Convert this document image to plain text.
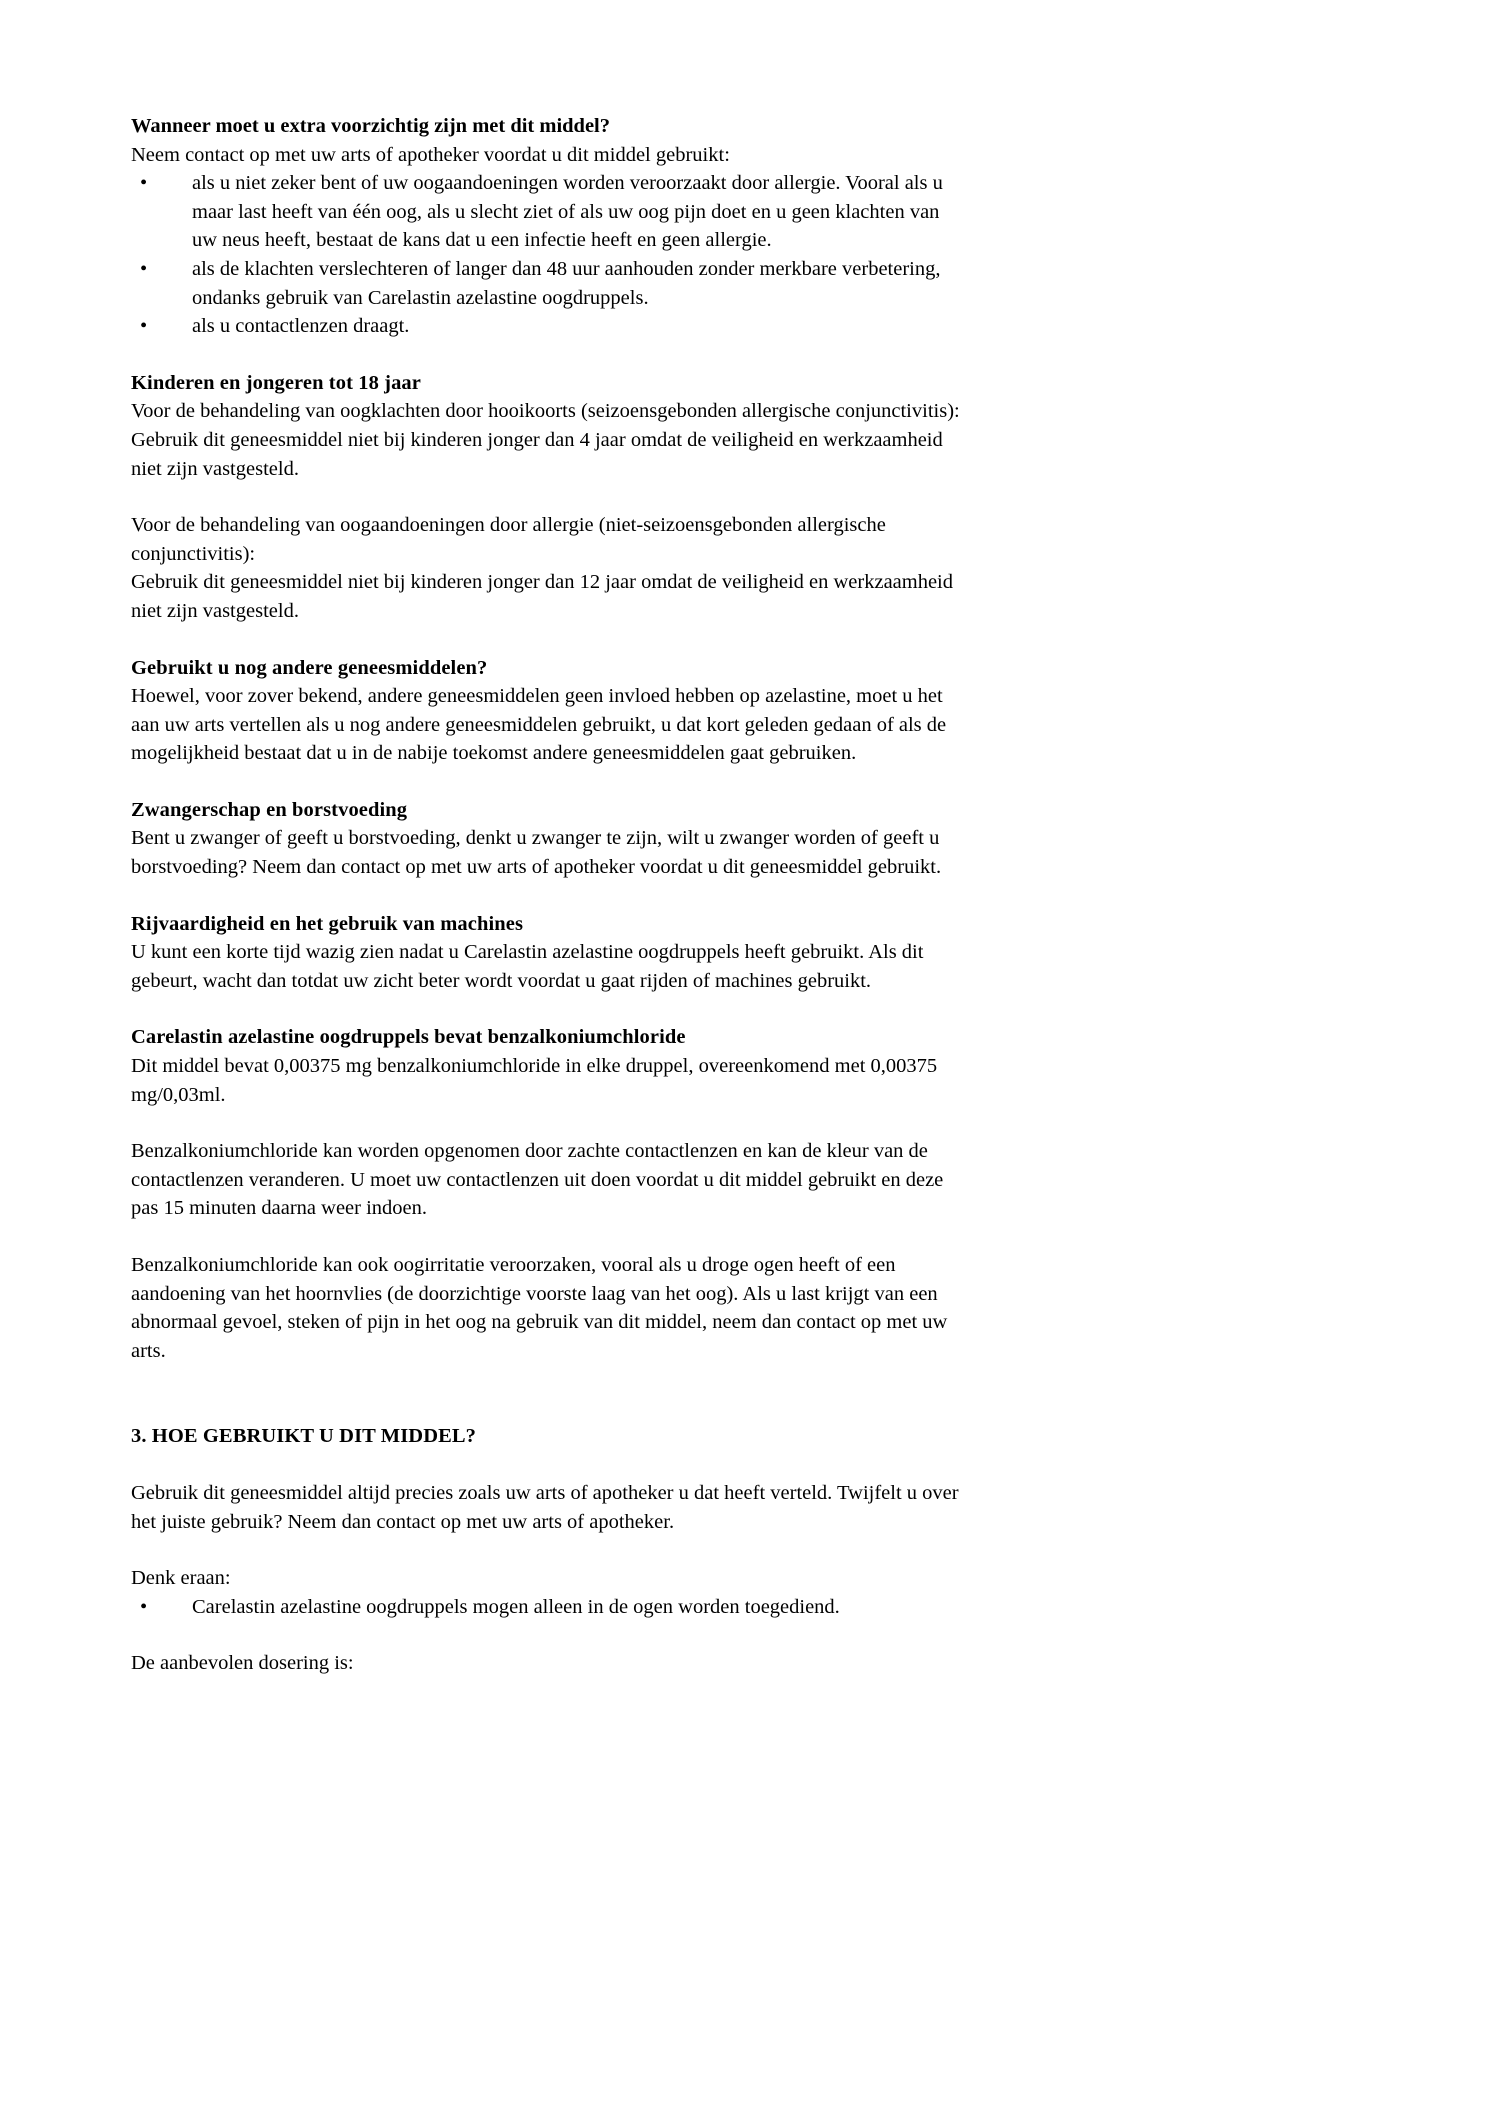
Wanneer moet u extra voorzichtig zijn met dit middel?

Neem contact op met uw arts of apotheker voordat u dit middel gebruikt:

• als u niet zeker bent of uw oogaandoeningen worden veroorzaakt door allergie. Vooral als u maar last heeft van één oog, als u slecht ziet of als uw oog pijn doet en u geen klachten van uw neus heeft, bestaat de kans dat u een infectie heeft en geen allergie.
• als de klachten verslechteren of langer dan 48 uur aanhouden zonder merkbare verbetering, ondanks gebruik van Carelastin azelastine oogdruppels.
• als u contactlenzen draagt.

Kinderen en jongeren tot 18 jaar

Voor de behandeling van oogklachten door hooikoorts (seizoensgebonden allergische conjunctivitis):

Gebruik dit geneesmiddel niet bij kinderen jonger dan 4 jaar omdat de veiligheid en werkzaamheid niet zijn vastgesteld.

Voor de behandeling van oogaandoeningen door allergie (niet-seizoensgebonden allergische conjunctivitis):

Gebruik dit geneesmiddel niet bij kinderen jonger dan 12 jaar omdat de veiligheid en werkzaamheid niet zijn vastgesteld.

Gebruikt u nog andere geneesmiddelen?

Hoewel, voor zover bekend, andere geneesmiddelen geen invloed hebben op azelastine, moet u het aan uw arts vertellen als u nog andere geneesmiddelen gebruikt, u dat kort geleden gedaan of als de mogelijkheid bestaat dat u in de nabije toekomst andere geneesmiddelen gaat gebruiken.

Zwangerschap en borstvoeding

Bent u zwanger of geeft u borstvoeding, denkt u zwanger te zijn, wilt u zwanger worden of geeft u borstvoeding? Neem dan contact op met uw arts of apotheker voordat u dit geneesmiddel gebruikt.

Rijvaardigheid en het gebruik van machines

U kunt een korte tijd wazig zien nadat u Carelastin azelastine oogdruppels heeft gebruikt. Als dit gebeurt, wacht dan totdat uw zicht beter wordt voordat u gaat rijden of machines gebruikt.

Carelastin azelastine oogdruppels bevat benzalkoniumchloride

Dit middel bevat 0,00375 mg benzalkoniumchloride in elke druppel, overeenkomend met 0,00375 mg/0,03ml.

Benzalkoniumchloride kan worden opgenomen door zachte contactlenzen en kan de kleur van de contactlenzen veranderen. U moet uw contactlenzen uit doen voordat u dit middel gebruikt en deze pas 15 minuten daarna weer indoen.

Benzalkoniumchloride kan ook oogirritatie veroorzaken, vooral als u droge ogen heeft of een aandoening van het hoornvlies (de doorzichtige voorste laag van het oog). Als u last krijgt van een abnormaal gevoel, steken of pijn in het oog na gebruik van dit middel, neem dan contact op met uw arts.

3. HOE GEBRUIKT U DIT MIDDEL?

Gebruik dit geneesmiddel altijd precies zoals uw arts of apotheker u dat heeft verteld. Twijfelt u over het juiste gebruik? Neem dan contact op met uw arts of apotheker.

Denk eraan:

• Carelastin azelastine oogdruppels mogen alleen in de ogen worden toegediend.

De aanbevolen dosering is:
